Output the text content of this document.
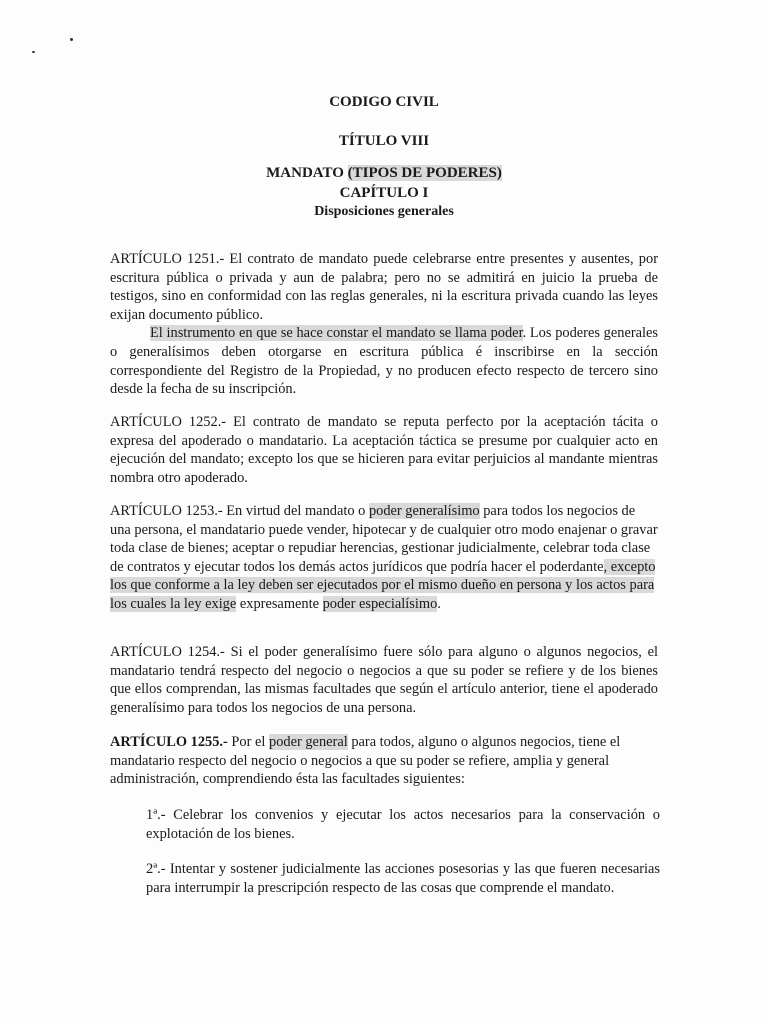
CODIGO CIVIL
TÍTULO VIII
MANDATO (TIPOS DE PODERES)
CAPÍTULO I
Disposiciones generales
ARTÍCULO 1251.- El contrato de mandato puede celebrarse entre presentes y ausentes, por escritura pública o privada y aun de palabra; pero no se admitirá en juicio la prueba de testigos, sino en conformidad con las reglas generales, ni la escritura privada cuando las leyes exijan documento público.
El instrumento en que se hace constar el mandato se llama poder. Los poderes generales o generalísimos deben otorgarse en escritura pública é inscribirse en la sección correspondiente del Registro de la Propiedad, y no producen efecto respecto de tercero sino desde la fecha de su inscripción.
ARTÍCULO 1252.- El contrato de mandato se reputa perfecto por la aceptación tácita o expresa del apoderado o mandatario. La aceptación táctica se presume por cualquier acto en ejecución del mandato; excepto los que se hicieren para evitar perjuicios al mandante mientras nombra otro apoderado.
ARTÍCULO 1253.- En virtud del mandato o poder generalísimo para todos los negocios de una persona, el mandatario puede vender, hipotecar y de cualquier otro modo enajenar o gravar toda clase de bienes; aceptar o repudiar herencias, gestionar judicialmente, celebrar toda clase de contratos y ejecutar todos los demás actos jurídicos que podría hacer el poderdante, excepto los que conforme a la ley deben ser ejecutados por el mismo dueño en persona y los actos para los cuales la ley exige expresamente poder especialísimo.
ARTÍCULO 1254.- Si el poder generalísimo fuere sólo para alguno o algunos negocios, el mandatario tendrá respecto del negocio o negocios a que su poder se refiere y de los bienes que ellos comprendan, las mismas facultades que según el artículo anterior, tiene el apoderado generalísimo para todos los negocios de una persona.
ARTÍCULO 1255.- Por el poder general para todos, alguno o algunos negocios, tiene el mandatario respecto del negocio o negocios a que su poder se refiere, amplia y general administración, comprendiendo ésta las facultades siguientes:
1ª.- Celebrar los convenios y ejecutar los actos necesarios para la conservación o explotación de los bienes.
2ª.- Intentar y sostener judicialmente las acciones posesorias y las que fueren necesarias para interrumpir la prescripción respecto de las cosas que comprende el mandato.
